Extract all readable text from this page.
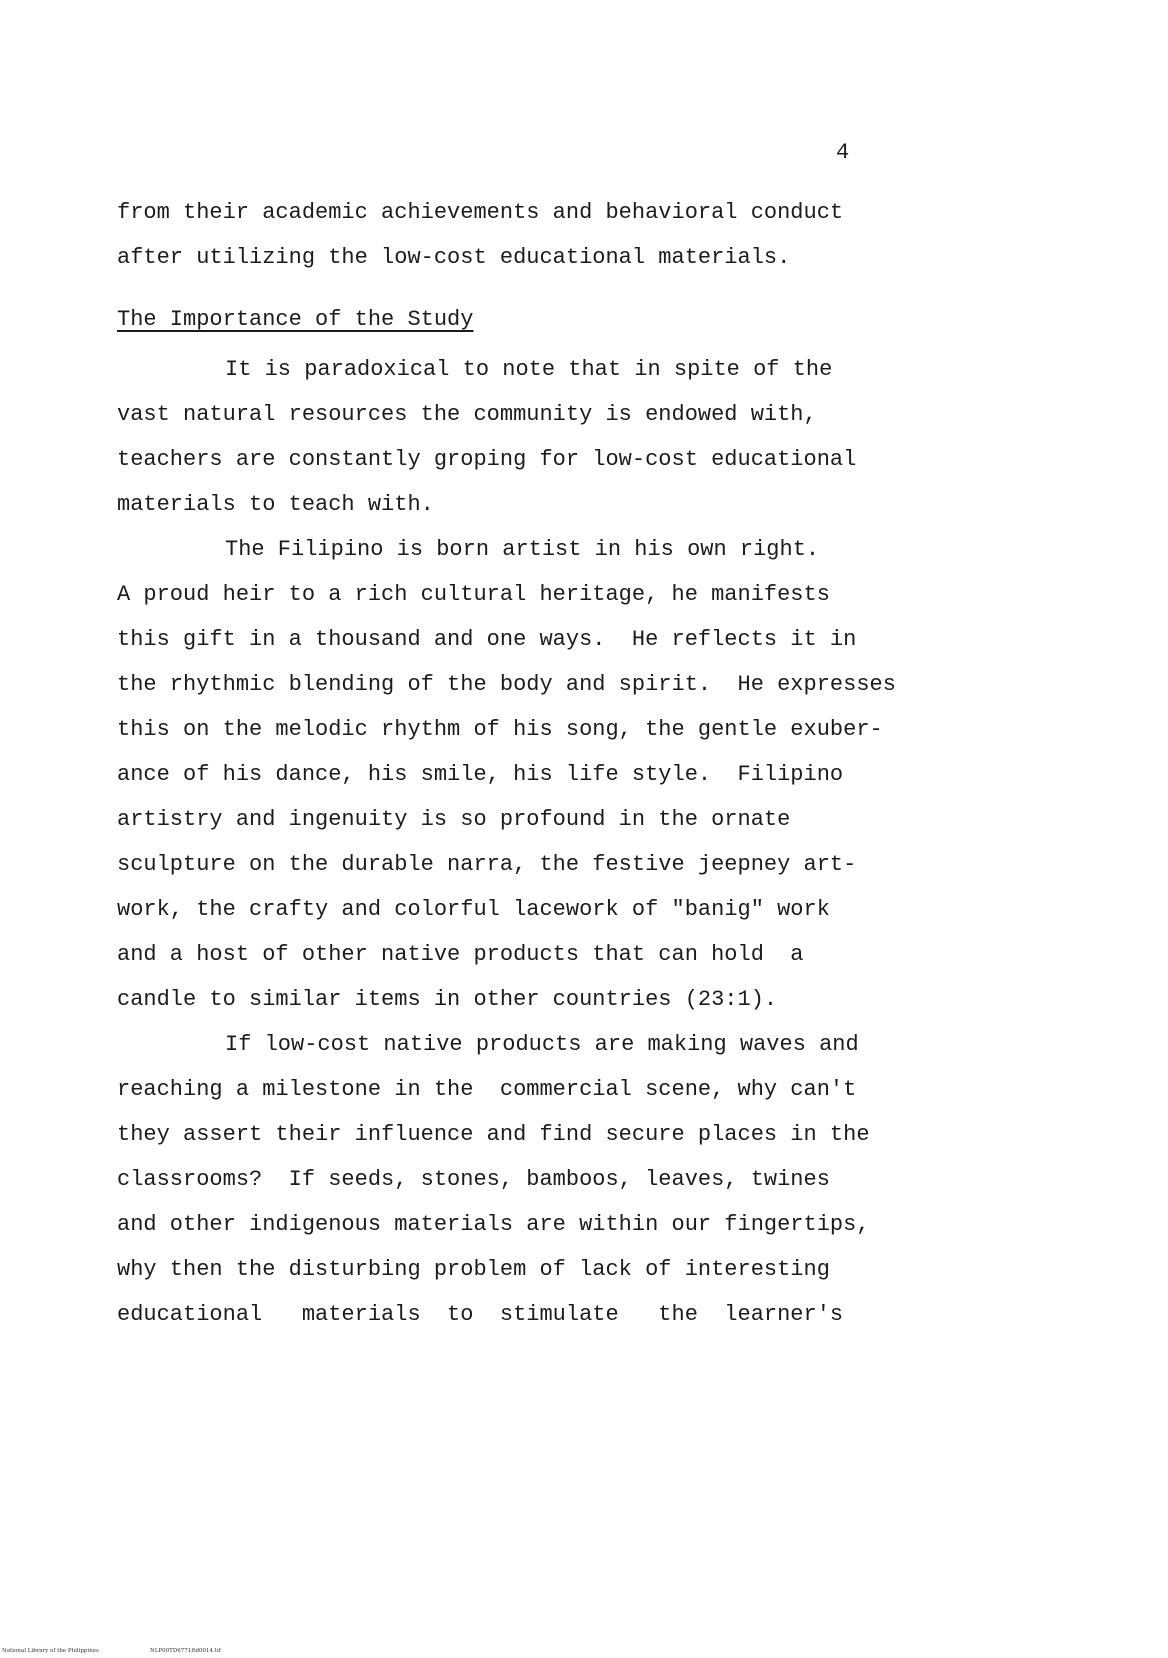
4
from their academic achievements and behavioral conduct
after utilizing the low-cost educational materials.
The Importance of the Study
It is paradoxical to note that in spite of the
vast natural resources the community is endowed with,
teachers are constantly groping for low-cost educational
materials to teach with.
The Filipino is born artist in his own right.
A proud heir to a rich cultural heritage, he manifests
this gift in a thousand and one ways.  He reflects it in
the rhythmic blending of the body and spirit.  He expresses
this on the melodic rhythm of his song, the gentle exuber-
ance of his dance, his smile, his life style.  Filipino
artistry and ingenuity is so profound in the ornate
sculpture on the durable narra, the festive jeepney art-
work, the crafty and colorful lacework of "banig" work
and a host of other native products that can hold  a
candle to similar items in other countries (23:1).
If low-cost native products are making waves and
reaching a milestone in the  commercial scene, why can't
they assert their influence and find secure places in the
classrooms?  If seeds, stones, bamboos, leaves, twines
and other indigenous materials are within our fingertips,
why then the disturbing problem of lack of interesting
educational   materials  to  stimulate   the  learner's
National Library of the Philippines	NLP00TD6771ftd0014.tif
